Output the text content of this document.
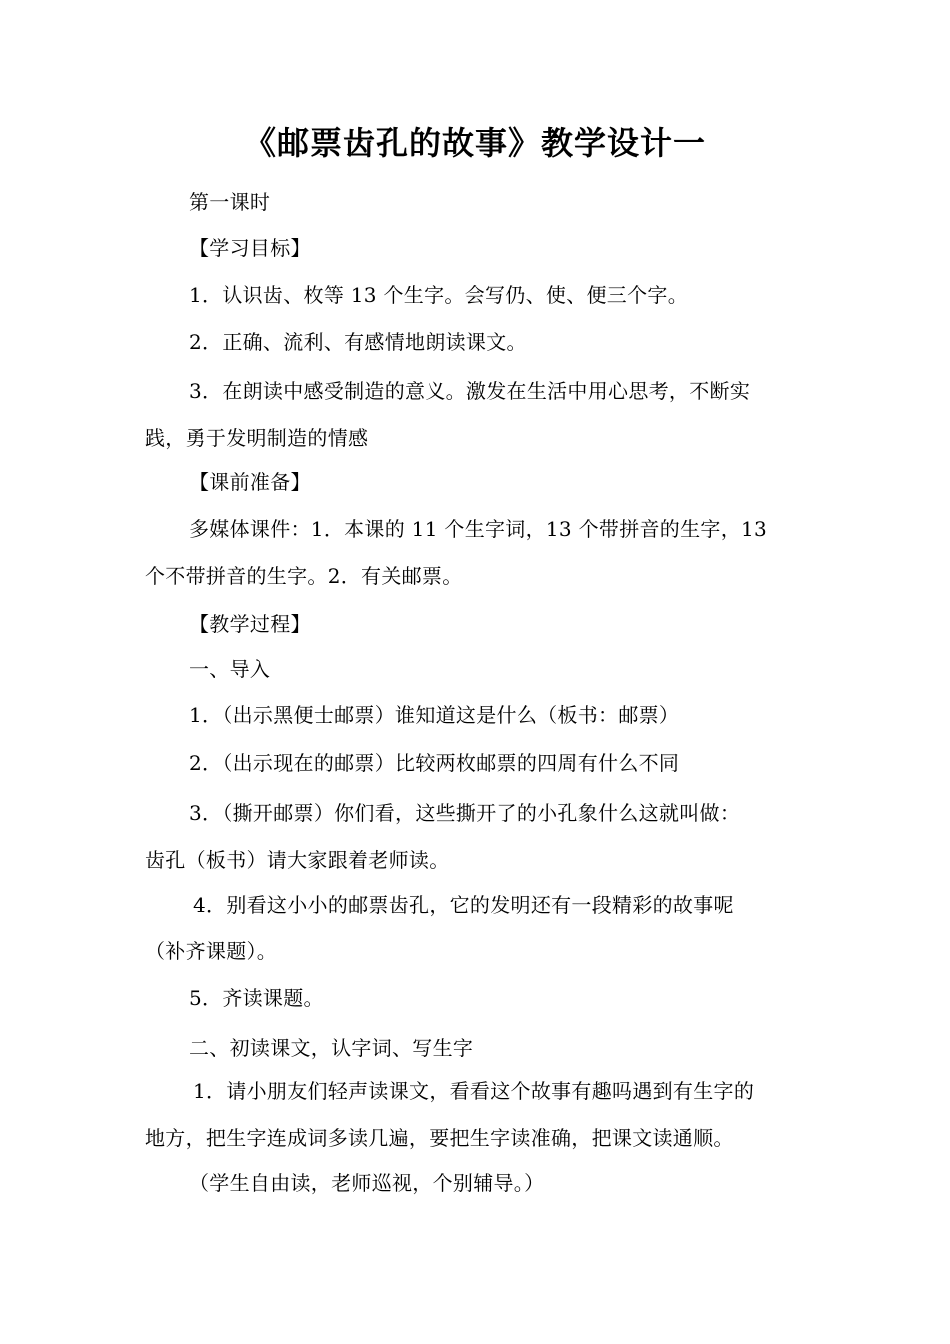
《邮票齿孔的故事》教学设计一
第一课时
【学习目标】
1．认识齿、枚等 13 个生字。会写仍、使、便三个字。
2．正确、流利、有感情地朗读课文。
3．在朗读中感受制造的意义。激发在生活中用心思考，不断实
践，勇于发明制造的情感
【课前准备】
多媒体课件：1．本课的 11 个生字词，13 个带拼音的生字，13
个不带拼音的生字。2．有关邮票。
【教学过程】
一、导入
1．（出示黑便士邮票）谁知道这是什么（板书：邮票）
2．（出示现在的邮票）比较两枚邮票的四周有什么不同
3．（撕开邮票）你们看，这些撕开了的小孔象什么这就叫做：
齿孔（板书）请大家跟着老师读。
4．别看这小小的邮票齿孔，它的发明还有一段精彩的故事呢
（补齐课题）。
5．齐读课题。
二、初读课文，认字词、写生字
1．请小朋友们轻声读课文，看看这个故事有趣吗遇到有生字的
地方，把生字连成词多读几遍，要把生字读准确，把课文读通顺。
（学生自由读，老师巡视，个别辅导。）
